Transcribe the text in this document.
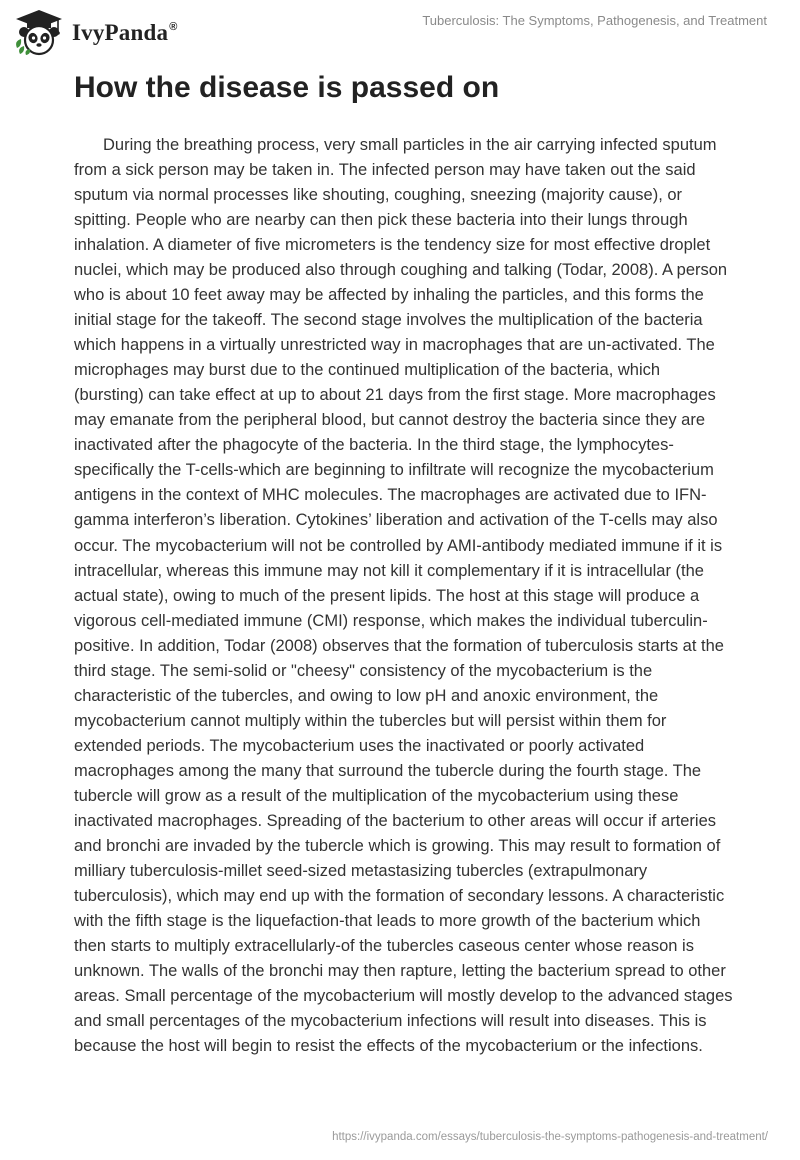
IvyPanda®	Tuberculosis: The Symptoms, Pathogenesis, and Treatment
How the disease is passed on

During the breathing process, very small particles in the air carrying infected sputum from a sick person may be taken in. The infected person may have taken out the said sputum via normal processes like shouting, coughing, sneezing (majority cause), or spitting. People who are nearby can then pick these bacteria into their lungs through inhalation. A diameter of five micrometers is the tendency size for most effective droplet nuclei, which may be produced also through coughing and talking (Todar, 2008). A person who is about 10 feet away may be affected by inhaling the particles, and this forms the initial stage for the takeoff. The second stage involves the multiplication of the bacteria which happens in a virtually unrestricted way in macrophages that are un-activated. The microphages may burst due to the continued multiplication of the bacteria, which (bursting) can take effect at up to about 21 days from the first stage. More macrophages may emanate from the peripheral blood, but cannot destroy the bacteria since they are inactivated after the phagocyte of the bacteria. In the third stage, the lymphocytes-specifically the T-cells-which are beginning to infiltrate will recognize the mycobacterium antigens in the context of MHC molecules. The macrophages are activated due to IFN-gamma interferon’s liberation. Cytokines’ liberation and activation of the T-cells may also occur. The mycobacterium will not be controlled by AMI-antibody mediated immune if it is intracellular, whereas this immune may not kill it complementary if it is intracellular (the actual state), owing to much of the present lipids. The host at this stage will produce a vigorous cell-mediated immune (CMI) response, which makes the individual tuberculin-positive. In addition, Todar (2008) observes that the formation of tuberculosis starts at the third stage. The semi-solid or "cheesy" consistency of the mycobacterium is the characteristic of the tubercles, and owing to low pH and anoxic environment, the mycobacterium cannot multiply within the tubercles but will persist within them for extended periods. The mycobacterium uses the inactivated or poorly activated macrophages among the many that surround the tubercle during the fourth stage. The tubercle will grow as a result of the multiplication of the mycobacterium using these inactivated macrophages. Spreading of the bacterium to other areas will occur if arteries and bronchi are invaded by the tubercle which is growing. This may result to formation of milliary tuberculosis-millet seed-sized metastasizing tubercles (extrapulmonary tuberculosis), which may end up with the formation of secondary lessons. A characteristic with the fifth stage is the liquefaction-that leads to more growth of the bacterium which then starts to multiply extracellularly-of the tubercles caseous center whose reason is unknown. The walls of the bronchi may then rapture, letting the bacterium spread to other areas. Small percentage of the mycobacterium will mostly develop to the advanced stages and small percentages of the mycobacterium infections will result into diseases. This is because the host will begin to resist the effects of the mycobacterium or the infections.

https://ivypanda.com/essays/tuberculosis-the-symptoms-pathogenesis-and-treatment/
